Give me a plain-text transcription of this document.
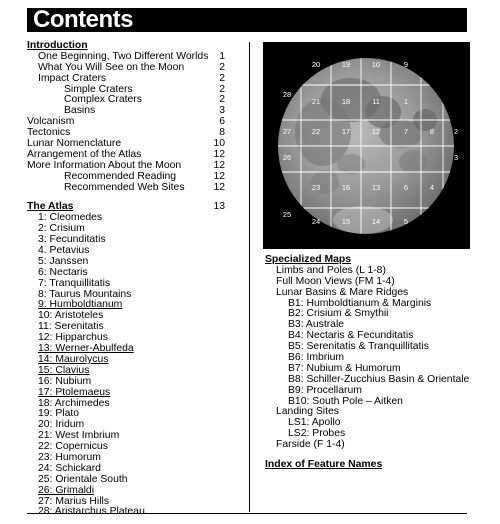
Contents
Introduction
One Beginning, Two Different Worlds 1
What You Will See on the Moon	2
Impact Craters	2
Simple Craters	2
Complex Craters	2
Basins	3
Volcanism	6
Tectonics	8
Lunar Nomenclature	10
Arrangement of the Atlas	12
More Information About the Moon	12
Recommended Reading	12
Recommended Web Sites	12
The Atlas	13
1: Cleomedes
2: Crisium
3: Fecunditatis
4. Petavius
5: Janssen
6: Nectaris
7: Tranquillitatis
8: Taurus Mountains
9: Humboldtianum
10: Aristoteles
11: Serenitatis
12: Hipparchus
13: Werner-Abulfeda
14: Maurolycus
15: Clavius
16: Nubium
17: Ptolemaeus
18: Archimedes
19: Plato
20: Iridum
21: West Imbrium
22: Copernicus
23: Humorum
24: Schickard
25: Orientale South
26: Grimaldi
27: Marius Hills
28: Aristarchus Plateau
20	19	10	9
28
21	18	11	1
27	22	17	12	7	8	2
26	3
23	16	13	6	4
25
24	15	14	5
Specialized Maps
Limbs and Poles (L 1-8)
Full Moon Views (FM 1-4)
Lunar Basins & Mare Ridges
B1: Humboldtianum & Marginis
B2: Crisium & Smythii
B3: Australe
B4: Nectaris & Fecunditatis
B5: Serenitatis & Tranquillitatis
B6: Imbrium
B7: Nubium & Humorum
B8: Schiller-Zucchius Basin & Orientale
B9: Procellarum
B10: South Pole – Aitken
Landing Sites
LS1: Apollo
LS2: Probes
Farside (F 1-4)
Index of Feature Names
